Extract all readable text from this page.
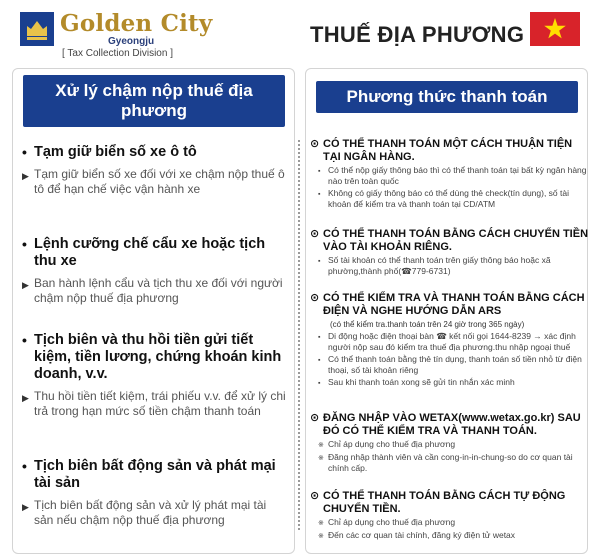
Golden City
Gyeongju
[ Tax Collection Division ]
THUẾ ĐỊA PHƯƠNG
Xử lý chậm nộp thuế địa phương
Phương thức thanh toán
• Tạm giữ biển số xe ô tô
▶ Tạm giữ biển số xe đối với xe chậm nộp thuế ô tô để hạn chế việc vận hành xe
• Lệnh cưỡng chế cẩu xe hoặc tịch thu xe
▶ Ban hành lệnh cẩu và tịch thu xe đối với người chậm nộp thuế địa phương
• Tịch biên và thu hồi tiền gửi tiết kiệm, tiền lương, chứng khoán kinh doanh, v.v.
▶ Thu hồi tiền tiết kiệm, trái phiếu v.v. để xử lý chi trả trong hạn mức số tiền chậm thanh toán
• Tịch biên bất động sản và phát mại tài sản
▶ Tịch biên bất động sản và xử lý phát mại tài sản nếu chậm nộp thuế địa phương
⊙ CÓ THỂ THANH TOÁN MỘT CÁCH THUẬN TIỆN TẠI NGÂN HÀNG.
▪ Có thể nộp giấy thông báo thì có thể thanh toán tại bất kỳ ngân hàng nào trên toàn quốc
▪ Không có giấy thông báo có thể dùng thẻ check(tín dụng), số tài khoản để kiểm tra và thanh toán tại CD/ATM
⊙ CÓ THỂ THANH TOÁN BẰNG CÁCH CHUYỂN TIỀN VÀO TÀI KHOẢN RIÊNG.
▪ Số tài khoản có thể thanh toán trên giấy thông báo hoặc xã phường,thành phố(☎779-6731)
⊙ CÓ THỂ KIỂM TRA VÀ THANH TOÁN BẰNG CÁCH ĐIỆN VÀ NGHE HƯỚNG DẪN ARS
(có thể kiểm tra.thanh toán trên 24 giờ trong 365 ngày)
▪ Di động hoặc điện thoại bàn ☎ kết nối gọi 1644-8239 → xác định người nộp sau đó kiểm tra thuế địa phương.thu nhập ngoại thuế
▪ Có thể thanh toán bằng thẻ tín dụng, thanh toán số tiền nhỏ từ điện thoại, số tài khoản riêng
▪ Sau khi thanh toán xong sẽ gửi tin nhắn xác minh
⊙ ĐĂNG NHẬP VÀO WETAX(www.wetax.go.kr) SAU ĐÓ CÓ THỂ KIỂM TRA VÀ THANH TOÁN.
※ Chỉ áp dụng cho thuế địa phương
※ Đăng nhập thành viên và cần cong-in-in-chung-so do cơ quan tài chính cấp.
⊙ CÓ THỂ THANH TOÁN BẰNG CÁCH TỰ ĐỘNG CHUYỂN TIỀN.
※ Chỉ áp dụng cho thuế địa phương
※ Đến các cơ quan tài chính, đăng ký điện tử wetax
